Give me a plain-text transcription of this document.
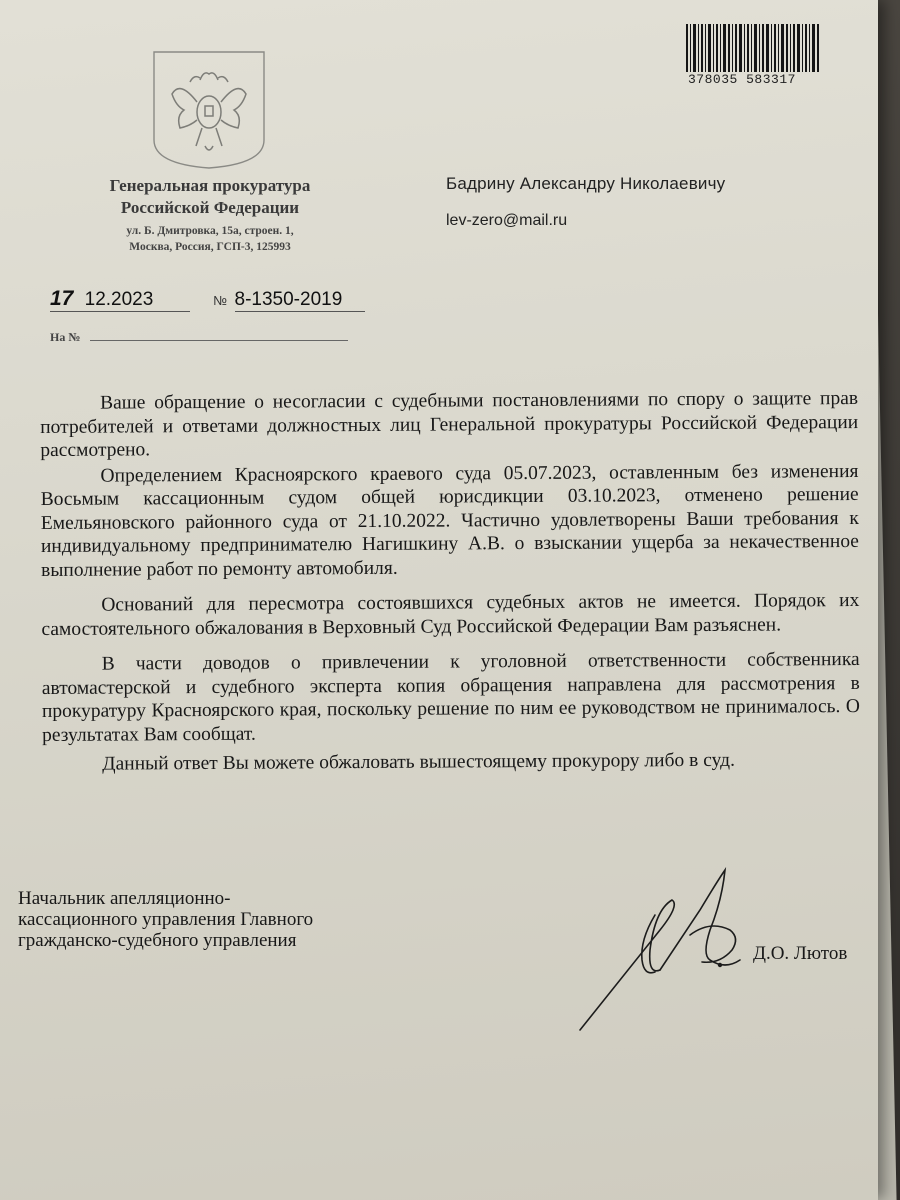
378035 583317
Генеральная прокуратура
Российской Федерации
ул. Б. Дмитровка, 15а, строен. 1,
Москва, Россия, ГСП-3, 125993
Бадрину Александру Николаевичу
lev-zero@mail.ru
17 12.2023	№ 8-1350-2019
На №

Ваше обращение о несогласии с судебными постановлениями по спору о защите прав потребителей и ответами должностных лиц Генеральной прокуратуры Российской Федерации рассмотрено.

Определением Красноярского краевого суда 05.07.2023, оставленным без изменения Восьмым кассационным судом общей юрисдикции 03.10.2023, отменено решение Емельяновского районного суда от 21.10.2022. Частично удовлетворены Ваши требования к индивидуальному предпринимателю Нагишкину А.В. о взыскании ущерба за некачественное выполнение работ по ремонту автомобиля.

Оснований для пересмотра состоявшихся судебных актов не имеется. Порядок их самостоятельного обжалования в Верховный Суд Российской Федерации Вам разъяснен.

В части доводов о привлечении к уголовной ответственности собственника автомастерской и судебного эксперта копия обращения направлена для рассмотрения в прокуратуру Красноярского края, поскольку решение по ним ее руководством не принималось. О результатах Вам сообщат.

Данный ответ Вы можете обжаловать вышестоящему прокурору либо в суд.

Начальник апелляционно-
кассационного управления Главного
гражданско-судебного управления
Д.О. Лютов
